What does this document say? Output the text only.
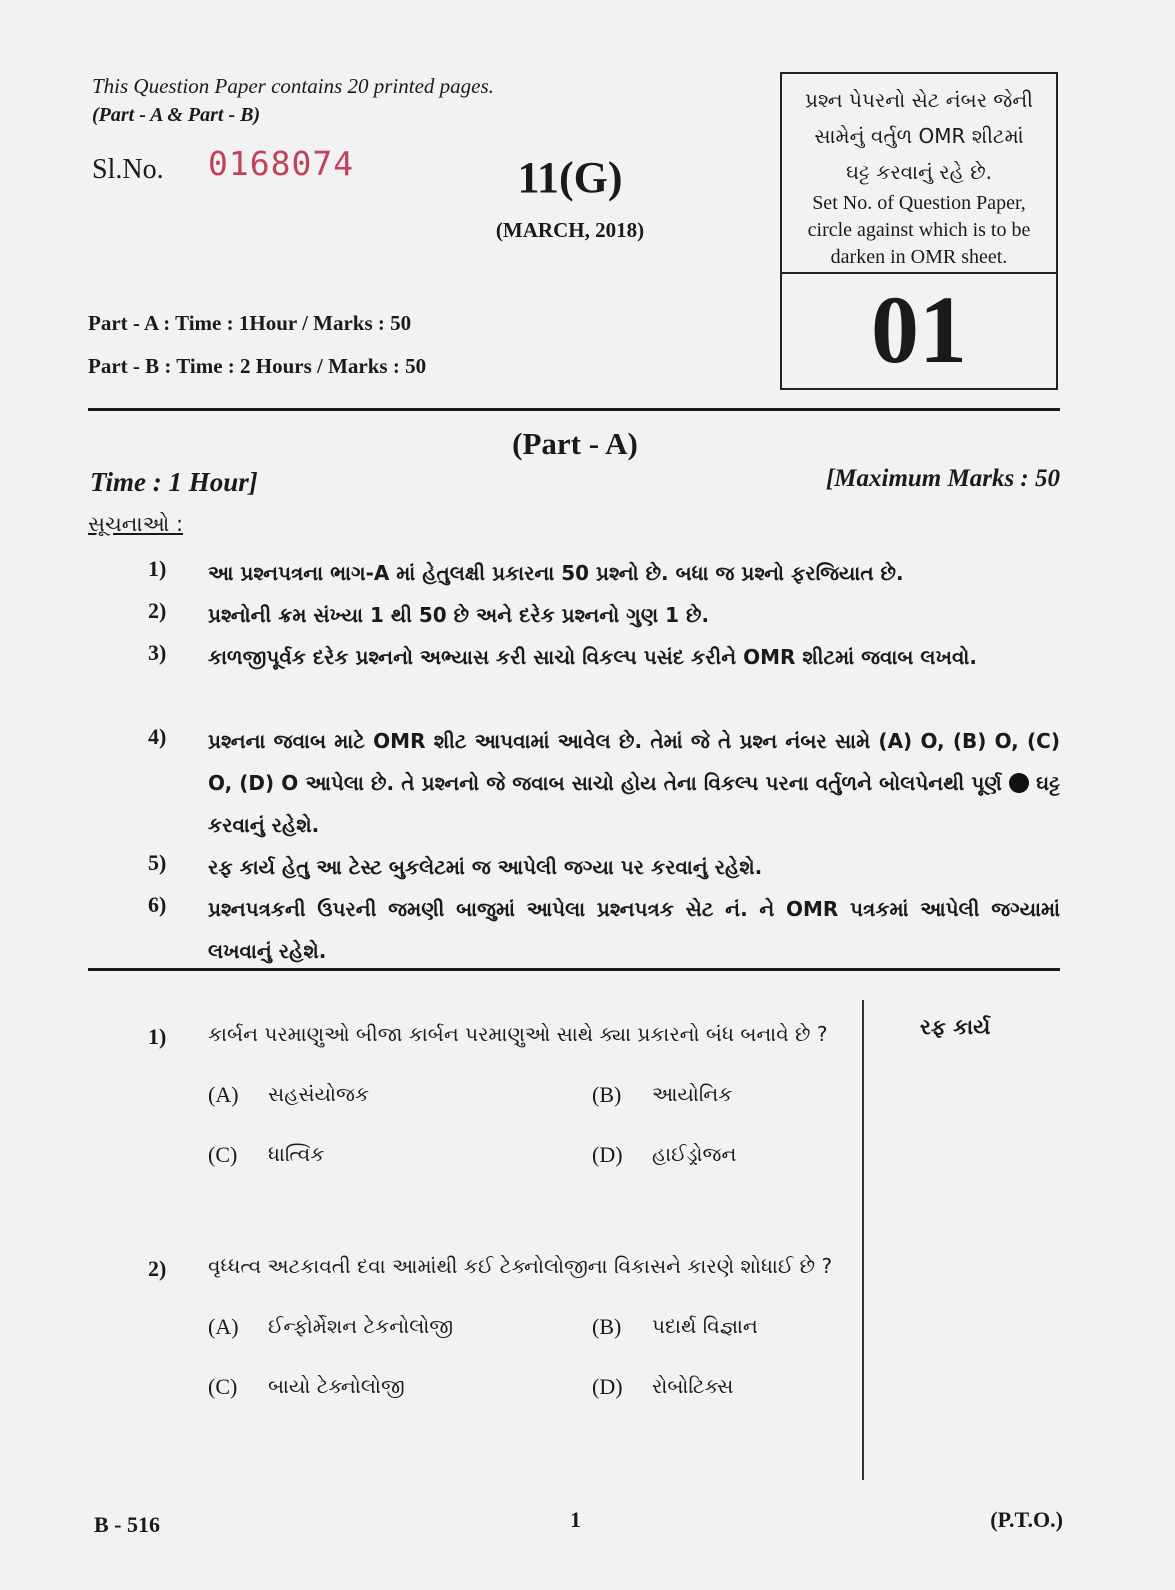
This Question Paper contains 20 printed pages.
(Part - A & Part - B)
Sl.No. 0168074	11(G)
(MARCH, 2018)
પ્રશ્ન પેપરનો સેટ નંબર જેની
સામેનું વર્તુળ OMR શીટમાં
ઘટ્ટ કરવાનું રહે છે.
Set No. of Question Paper,
circle against which is to be
darken in OMR sheet.
01
Part - A : Time : 1Hour / Marks : 50
Part - B : Time : 2 Hours / Marks : 50
(Part - A)
Time : 1 Hour]	[Maximum Marks : 50
સૂચનાઓ :
1) આ પ્રશ્નપત્રના ભાગ-A માં હેતુલક્ષી પ્રકારના 50 પ્રશ્નો છે. બધા જ પ્રશ્નો ફરજિયાત છે.
2) પ્રશ્નોની ક્રમ સંખ્યા 1 થી 50 છે અને દરેક પ્રશ્નનો ગુણ 1 છે.
3) કાળજીપૂર્વક દરેક પ્રશ્નનો અભ્યાસ કરી સાચો વિકલ્પ પસંદ કરીને OMR શીટમાં જવાબ લખવો.
4) પ્રશ્નના જવાબ માટે OMR શીટ આપવામાં આવેલ છે. તેમાં જે તે પ્રશ્ન નંબર સામે (A) O, (B) O, (C) O, (D) O આપેલા છે. તે પ્રશ્નનો જે જવાબ સાચો હોય તેના વિકલ્પ પરના વર્તુળને બોલપેનથી પૂર્ણ ઘટ્ટ કરવાનું રહેશે.
5) રફ કાર્ય હેતુ આ ટેસ્ટ બુકલેટમાં જ આપેલી જગ્યા પર કરવાનું રહેશે.
6) પ્રશ્નપત્રકની ઉપરની જમણી બાજુમાં આપેલા પ્રશ્નપત્રક સેટ નં. ને OMR પત્રકમાં આપેલી જગ્યામાં લખવાનું રહેશે.
રફ કાર્ય
1) કાર્બન પરમાણુઓ બીજા કાર્બન પરમાણુઓ સાથે ક્યા પ્રકારનો બંધ બનાવે છે ?
(A) સહસંયોજક	(B) આયોનિક
(C) ધાત્વિક	(D) હાઈડ્રોજન
2) વૃધ્ધત્વ અટકાવતી દવા આમાંથી કઈ ટેક્નોલોજીના વિકાસને કારણે શોધાઈ છે ?
(A) ઈન્ફોર્મેશન ટેકનોલોજી	(B) પદાર્થ વિજ્ઞાન
(C) બાયો ટેક્નોલોજી	(D) રોબોટિક્સ
B - 516	1	(P.T.O.)
